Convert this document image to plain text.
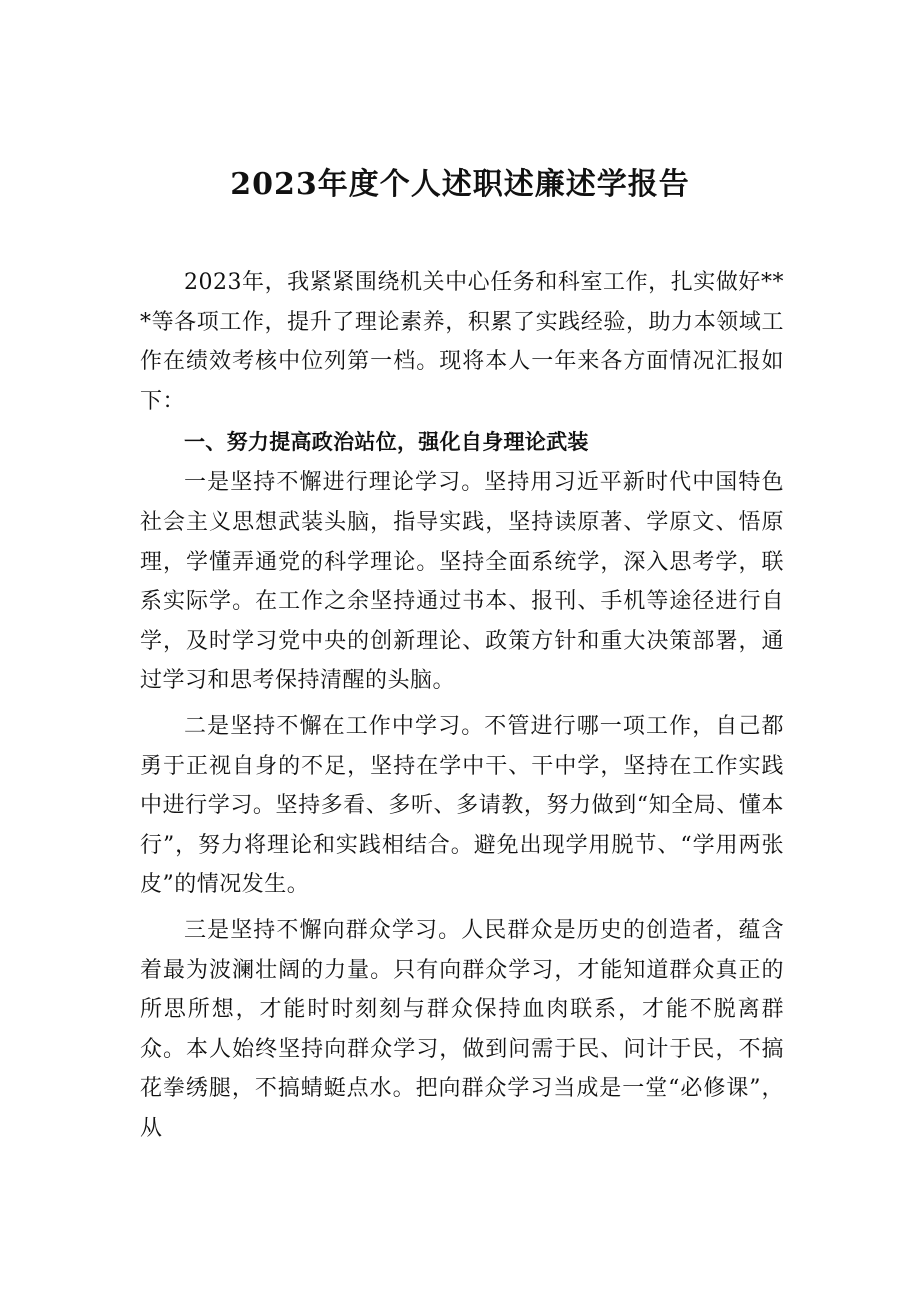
2023年度个人述职述廉述学报告

2023年，我紧紧围绕机关中心任务和科室工作，扎实做好***等各项工作，提升了理论素养，积累了实践经验，助力本领域工作在绩效考核中位列第一档。现将本人一年来各方面情况汇报如下：

一、努力提高政治站位，强化自身理论武装

一是坚持不懈进行理论学习。坚持用习近平新时代中国特色社会主义思想武装头脑，指导实践，坚持读原著、学原文、悟原理，学懂弄通党的科学理论。坚持全面系统学，深入思考学，联系实际学。在工作之余坚持通过书本、报刊、手机等途径进行自学，及时学习党中央的创新理论、政策方针和重大决策部署，通过学习和思考保持清醒的头脑。

二是坚持不懈在工作中学习。不管进行哪一项工作，自己都勇于正视自身的不足，坚持在学中干、干中学，坚持在工作实践中进行学习。坚持多看、多听、多请教，努力做到“知全局、懂本行”，努力将理论和实践相结合。避免出现学用脱节、“学用两张皮”的情况发生。

三是坚持不懈向群众学习。人民群众是历史的创造者，蕴含着最为波澜壮阔的力量。只有向群众学习，才能知道群众真正的所思所想，才能时时刻刻与群众保持血肉联系，才能不脱离群众。本人始终坚持向群众学习，做到问需于民、问计于民，不搞花拳绣腿，不搞蜻蜓点水。把向群众学习当成是一堂“必修课”，从
